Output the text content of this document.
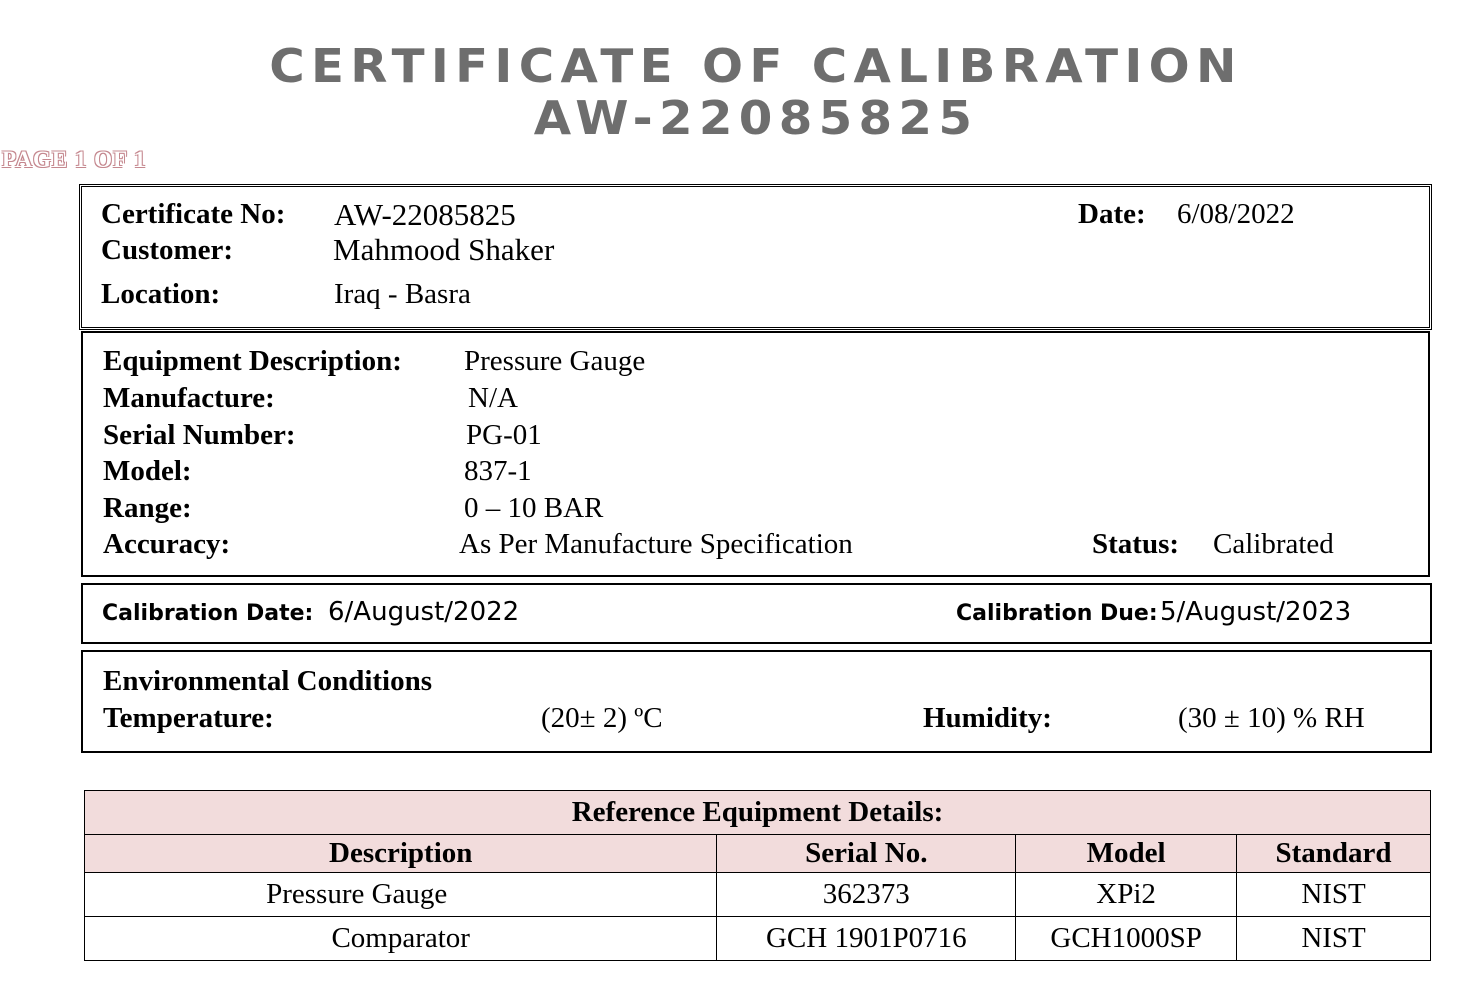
CERTIFICATE OF CALIBRATION
AW-22085825
PAGE 1 OF 1
Certificate No: AW-22085825	Date: 6/08/2022
Customer:	Mahmood Shaker
Location:	Iraq - Basra
Equipment Description: Pressure Gauge
Manufacture:	N/A
Serial Number:	PG-01
Model:	837-1
Range:	0 – 10 BAR
Accuracy:	As Per Manufacture Specification	Status: Calibrated
Calibration Date: 6/August/2022	Calibration Due: 5/August/2023
Environmental Conditions
Temperature:	(20± 2) ºC	Humidity:	(30 ± 10) % RH
Reference Equipment Details:			
Description	Serial No.	Model	Standard
Pressure Gauge	362373	XPi2	NIST
Comparator	GCH 1901P0716	GCH1000SP	NIST
